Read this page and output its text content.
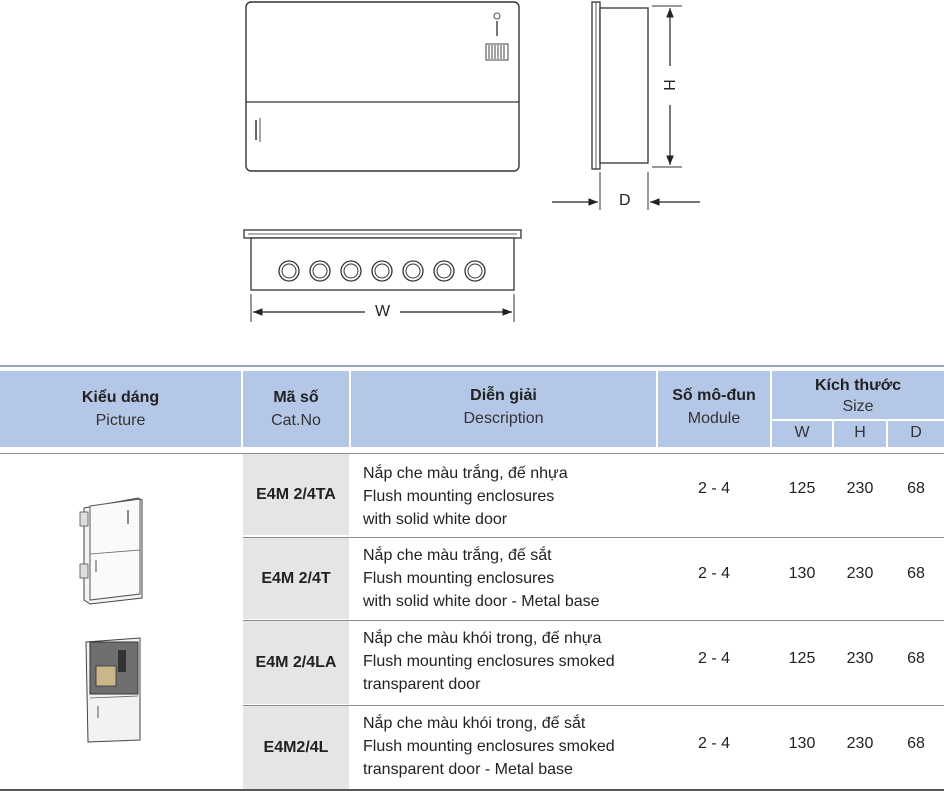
H
D
W
Kiểu dáng
Picture
Mã số
Cat.No
Diễn giải
Description
Số mô-đun
Module
Kích thước
Size
W	H	D
E4M 2/4TA
Nắp che màu trắng, đế nhựa
Flush mounting enclosures
with solid white door
2 - 4	125	230	68
E4M 2/4T
Nắp che màu trắng, đế sắt
Flush mounting enclosures
with solid white door - Metal base
2 - 4	130	230	68
E4M 2/4LA
Nắp che màu khói trong, đế nhựa
Flush mounting enclosures smoked
transparent door
2 - 4	125	230	68
E4M2/4L
Nắp che màu khói trong, đế sắt
Flush mounting enclosures smoked
transparent door - Metal base
2 - 4	130	230	68
